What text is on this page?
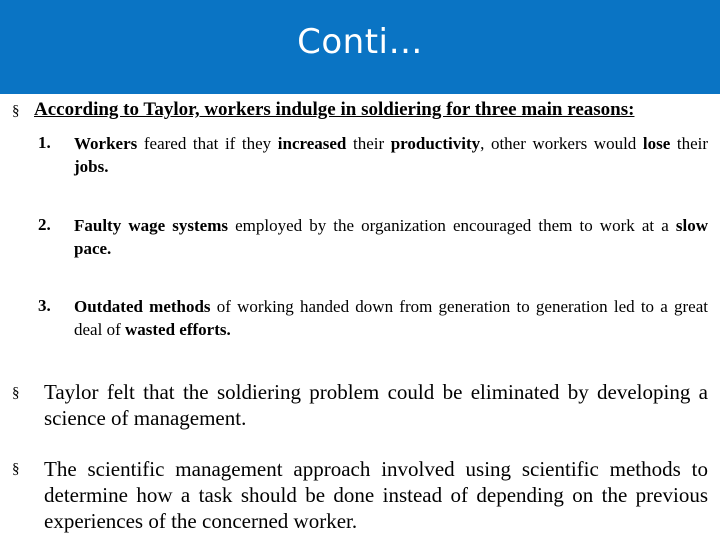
Conti…
§ According to Taylor, workers indulge in soldiering for three main reasons:
1. Workers feared that if they increased their productivity, other workers would lose their jobs.
2. Faulty wage systems employed by the organization encouraged them to work at a slow pace.
3. Outdated methods of working handed down from generation to generation led to a great deal of wasted efforts.
§ Taylor felt that the soldiering problem could be eliminated by developing a science of management.
§ The scientific management approach involved using scientific methods to determine how a task should be done instead of depending on the previous experiences of the concerned worker.
